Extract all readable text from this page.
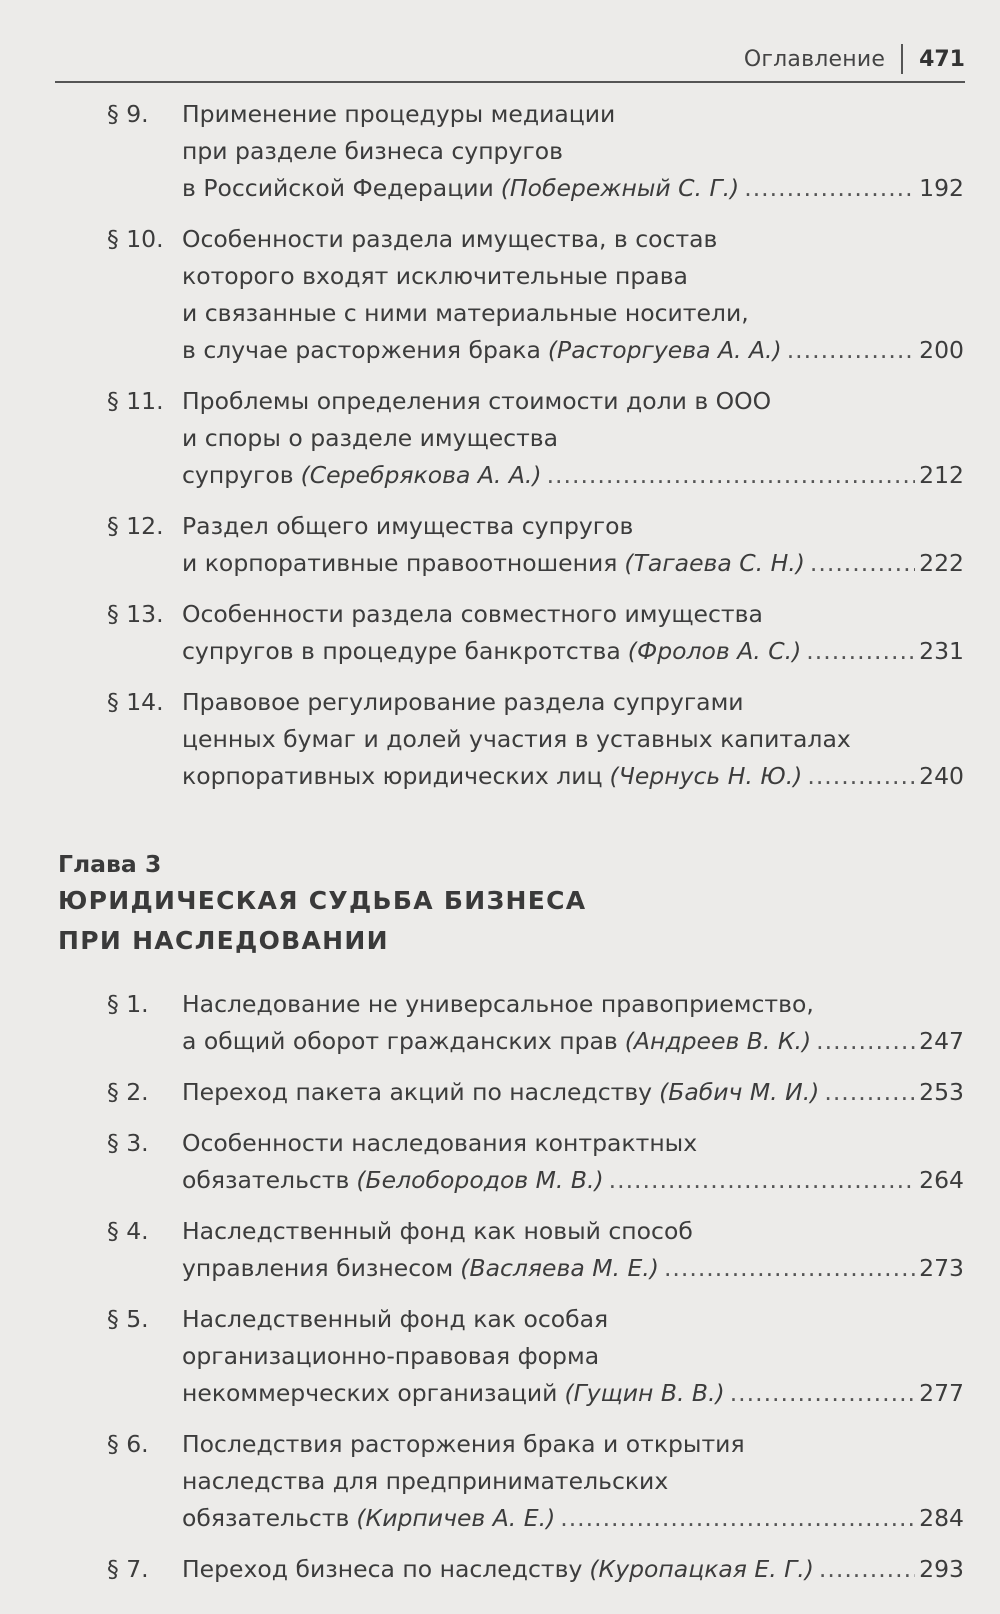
Оглавление 471
§ 9. Применение процедуры медиации
при разделе бизнеса супругов
в Российской Федерации (Побережный С. Г.) .....	192
§ 10. Особенности раздела имущества, в состав
которого входят исключительные права
и связанные с ними материальные носители,
в случае расторжения брака (Расторгуева А. А.) .....	200
§ 11. Проблемы определения стоимости доли в ООО
и споры о разделе имущества
супругов (Серебрякова А. А.) .....	212
§ 12. Раздел общего имущества супругов
и корпоративные правоотношения (Тагаева С. Н.) .....	222
§ 13. Особенности раздела совместного имущества
супругов в процедуре банкротства (Фролов А. С.) .....	231
§ 14. Правовое регулирование раздела супругами
ценных бумаг и долей участия в уставных капиталах
корпоративных юридических лиц (Чернусь Н. Ю.) .....	240
Глава 3
ЮРИДИЧЕСКАЯ СУДЬБА БИЗНЕСА
ПРИ НАСЛЕДОВАНИИ
§ 1. Наследование не универсальное правоприемство,
а общий оборот гражданских прав (Андреев В. К.) .....	247
§ 2. Переход пакета акций по наследству (Бабич М. И.) .....	253
§ 3. Особенности наследования контрактных
обязательств (Белобородов М. В.) .....	264
§ 4. Наследственный фонд как новый способ
управления бизнесом (Васляева М. Е.) .....	273
§ 5. Наследственный фонд как особая
организационно-правовая форма
некоммерческих организаций (Гущин В. В.) .....	277
§ 6. Последствия расторжения брака и открытия
наследства для предпринимательских
обязательств (Кирпичев А. Е.) .....	284
§ 7. Переход бизнеса по наследству (Куропацкая Е. Г.) .....	293
